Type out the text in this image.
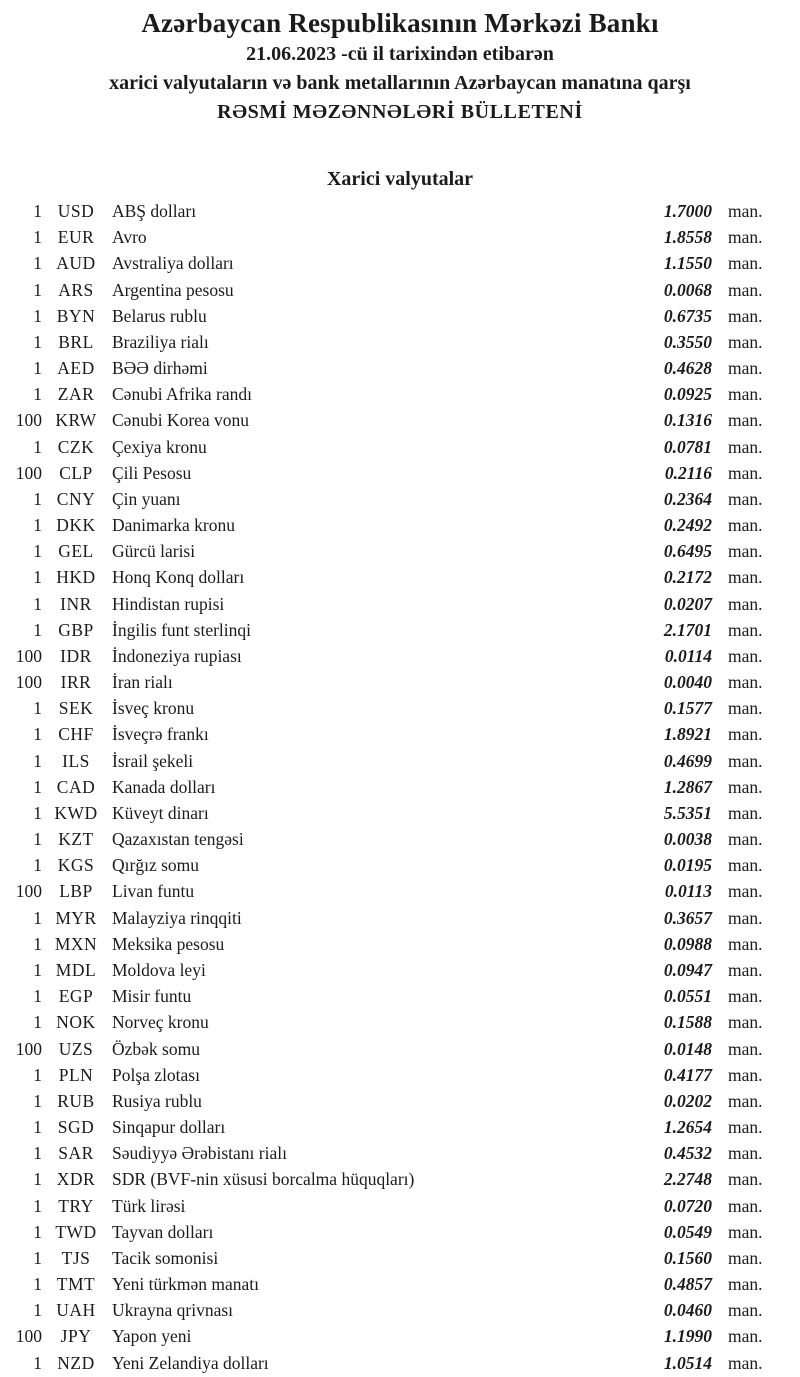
Azərbaycan Respublikasının Mərkəzi Bankı
21.06.2023 -cü il tarixindən etibarən
xarici valyutaların və bank metallarının Azərbaycan manatına qarşı
RƏSMİ MƏZƏNNƏLƏRİ BÜLLETENİ
Xarici valyutalar
1 USD	ABŞ dolları	1.7000 man.
1 EUR	Avro	1.8558 man.
1 AUD Avstraliya dolları	1.1550 man.
1 ARS	Argentina pesosu	0.0068 man.
1 BYN Belarus rublu	0.6735 man.
1 BRL	Braziliya rialı	0.3550 man.
1 AED BƏƏ dirhəmi	0.4628 man.
1 ZAR	Cənubi Afrika randı	0.0925 man.
100 KRW Cənubi Korea vonu	0.1316 man.
1 CZK	Çexiya kronu	0.0781 man.
100 CLP	Çili Pesosu	0.2116 man.
1 CNY Çin yuanı	0.2364 man.
1 DKK Danimarka kronu	0.2492 man.
1 GEL	Gürcü larisi	0.6495 man.
1 HKD Honq Konq dolları	0.2172 man.
1	INR	Hindistan rupisi	0.0207 man.
1 GBP	İngilis funt sterlinqi	2.1701 man.
100	IDR	İndoneziya rupiası	0.0114 man.
100	IRR	İran rialı	0.0040 man.
1 SEK	İsveç kronu	0.1577 man.
1 CHF	İsveçrə frankı	1.8921 man.
1	ILS	İsrail şekeli	0.4699 man.
1 CAD Kanada dolları	1.2867 man.
1 KWD Küveyt dinarı	5.5351 man.
1 KZT	Qazaxıstan tengəsi	0.0038 man.
1 KGS	Qırğız somu	0.0195 man.
100 LBP	Livan funtu	0.0113 man.
1 MYR Malayziya rinqqiti	0.3657 man.
1 MXN Meksika pesosu	0.0988 man.
1 MDL Moldova leyi	0.0947 man.
1 EGP	Misir funtu	0.0551 man.
1 NOK Norveç kronu	0.1588 man.
100 UZS	Özbək somu	0.0148 man.
1 PLN	Polşa zlotası	0.4177 man.
1 RUB Rusiya rublu	0.0202 man.
1 SGD	Sinqapur dolları	1.2654 man.
1 SAR	Səudiyyə Ərəbistanı rialı	0.4532 man.
1 XDR SDR (BVF-nin xüsusi borcalma hüquqları)	2.2748 man.
1 TRY	Türk lirəsi	0.0720 man.
1 TWD Tayvan dolları	0.0549 man.
1	TJS	Tacik somonisi	0.1560 man.
1 TMT Yeni türkmən manatı	0.4857 man.
1 UAH Ukrayna qrivnası	0.0460 man.
100	JPY	Yapon yeni	1.1990 man.
1 NZD Yeni Zelandiya dolları	1.0514 man.
